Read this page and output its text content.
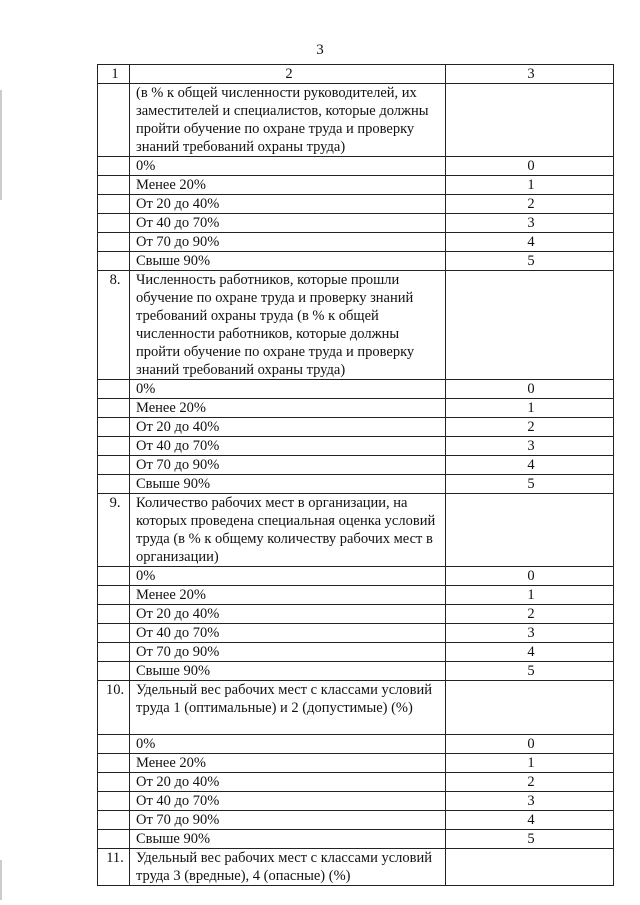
3
1	2	3
	(в % к общей численности руководителей, их заместителей и специалистов, которые должны пройти обучение по охране труда и проверку знаний требований охраны труда)	
	0%	0
	Менее 20%	1
	От 20 до 40%	2
	От 40 до 70%	3
	От 70 до 90%	4
	Свыше 90%	5
8.	Численность работников, которые прошли обучение по охране труда и проверку знаний требований охраны труда (в % к общей численности работников, которые должны пройти обучение по охране труда и проверку знаний требований охраны труда)	
	0%	0
	Менее 20%	1
	От 20 до 40%	2
	От 40 до 70%	3
	От 70 до 90%	4
	Свыше 90%	5
9.	Количество рабочих мест в организации, на которых проведена специальная оценка условий труда (в % к общему количеству рабочих мест в организации)	
	0%	0
	Менее 20%	1
	От 20 до 40%	2
	От 40 до 70%	3
	От 70 до 90%	4
	Свыше 90%	5
10.	Удельный вес рабочих мест с классами условий труда 1 (оптимальные) и 2 (допустимые) (%)	
	0%	0
	Менее 20%	1
	От 20 до 40%	2
	От 40 до 70%	3
	От 70 до 90%	4
	Свыше 90%	5
11.	Удельный вес рабочих мест с классами условий труда 3 (вредные), 4 (опасные) (%)	
